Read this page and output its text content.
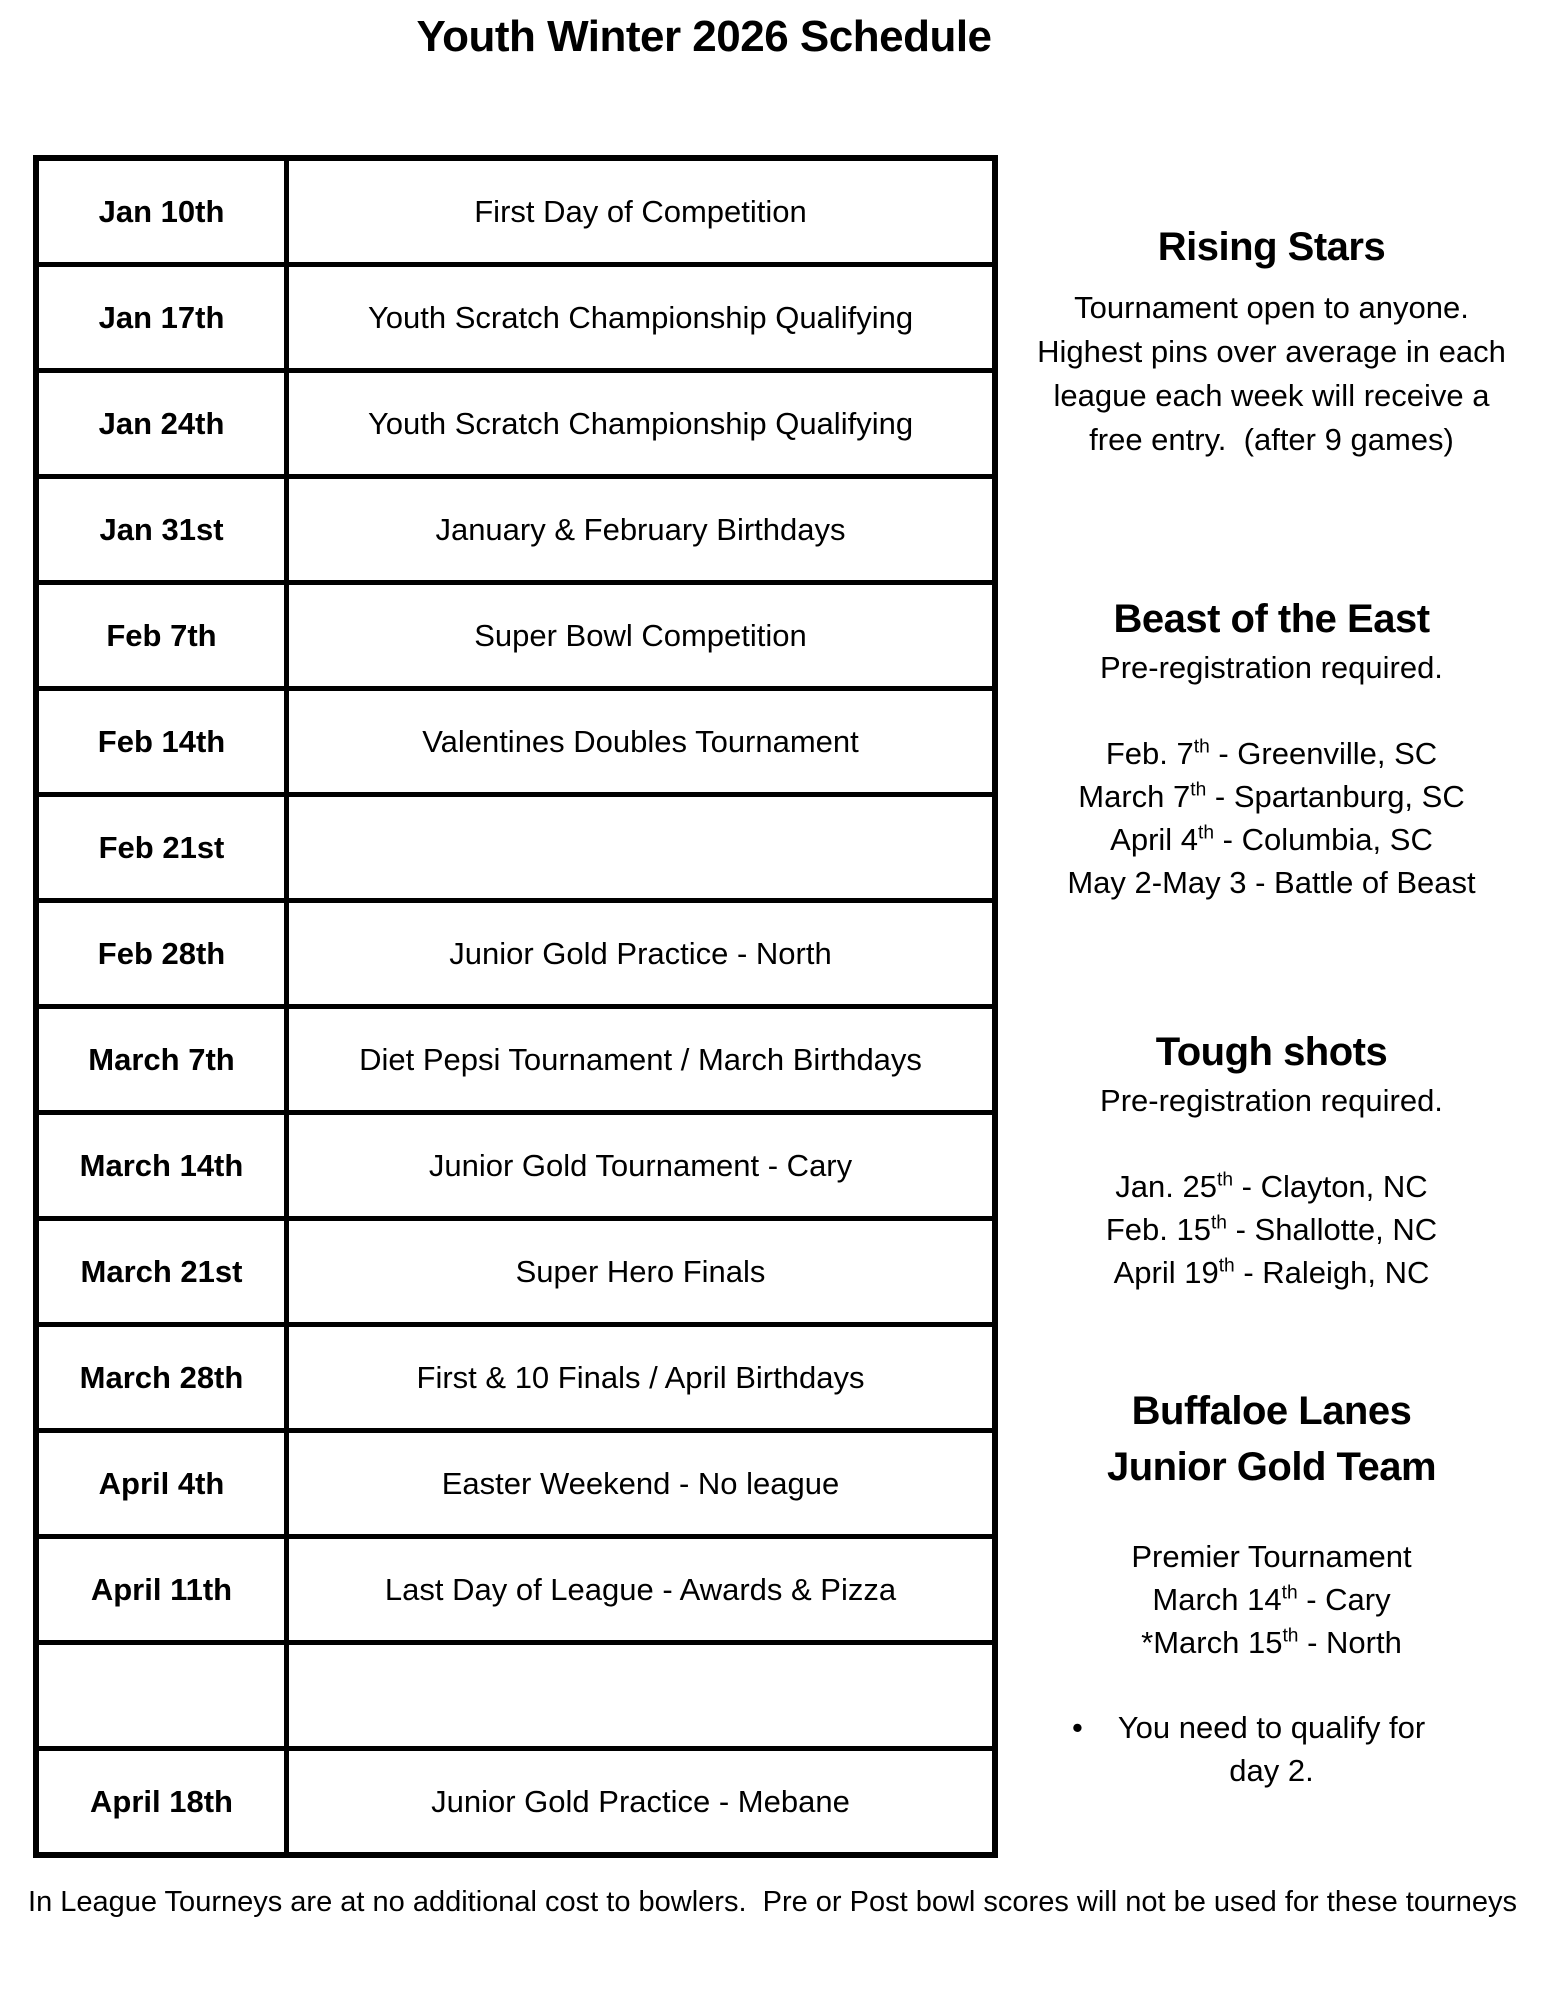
Youth Winter 2026 Schedule
Jan 10th	First Day of Competition
Jan 17th	Youth Scratch Championship Qualifying
Jan 24th	Youth Scratch Championship Qualifying
Jan 31st	January & February Birthdays
Feb 7th	Super Bowl Competition
Feb 14th	Valentines Doubles Tournament
Feb 21st	
Feb 28th	Junior Gold Practice - North
March 7th	Diet Pepsi Tournament / March Birthdays
March 14th	Junior Gold Tournament - Cary
March 21st	Super Hero Finals
March 28th	First & 10 Finals / April Birthdays
April 4th	Easter Weekend - No league
April 11th	Last Day of League - Awards & Pizza

April 18th	Junior Gold Practice - Mebane
Rising Stars
Tournament open to anyone.
Highest pins over average in each
league each week will receive a
free entry.  (after 9 games)
Beast of the East
Pre-registration required.
Feb. 7th - Greenville, SC
March 7th - Spartanburg, SC
April 4th - Columbia, SC
May 2-May 3 - Battle of Beast
Tough shots
Pre-registration required.
Jan. 25th - Clayton, NC
Feb. 15th - Shallotte, NC
April 19th - Raleigh, NC
Buffaloe Lanes
Junior Gold Team
Premier Tournament
March 14th - Cary
*March 15th - North
•	You need to qualify for
day 2.
In League Tourneys are at no additional cost to bowlers.  Pre or Post bowl scores will not be used for these tourneys
